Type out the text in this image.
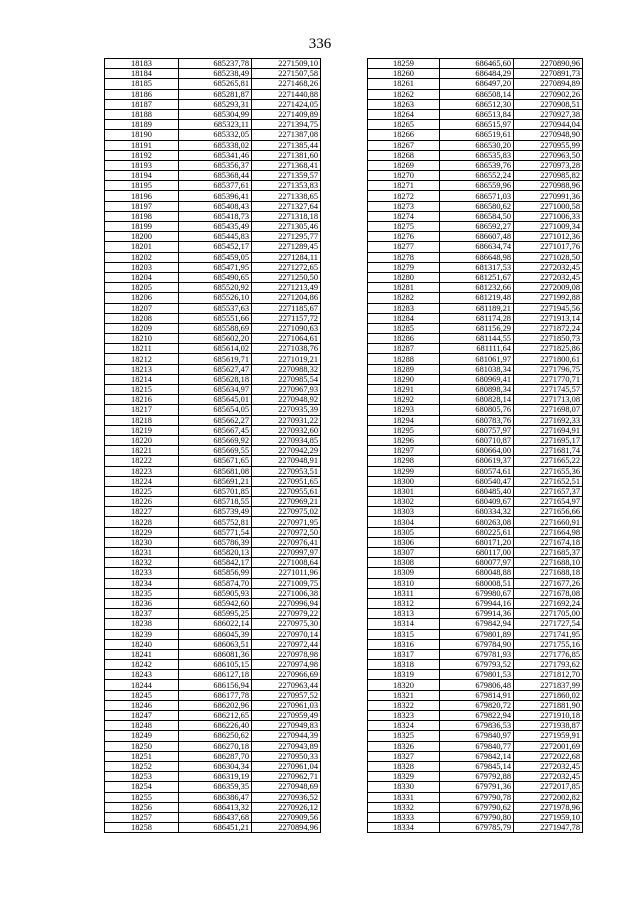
336
18183	685237,78	2271509,10
18184	685238,49	2271507,58
18185	685265,81	2271468,26
18186	685281,87	2271440,88
18187	685293,31	2271424,05
18188	685304,99	2271409,89
18189	685323,11	2271394,75
18190	685332,05	2271387,08
18191	685338,02	2271385,44
18192	685341,46	2271381,60
18193	685356,37	2271368,41
18194	685368,44	2271359,57
18195	685377,61	2271353,83
18196	685396,41	2271338,65
18197	685408,43	2271327,64
18198	685418,73	2271318,18
18199	685435,49	2271305,46
18200	685445,83	2271295,77
18201	685452,17	2271289,45
18202	685459,05	2271284,11
18203	685471,95	2271272,65
18204	685490,65	2271250,50
18205	685520,92	2271213,49
18206	685526,10	2271204,86
18207	685537,63	2271185,67
18208	685551,66	2271157,72
18209	685588,69	2271090,63
18210	685602,20	2271064,61
18211	685614,02	2271038,76
18212	685619,71	2271019,21
18213	685627,47	2270988,32
18214	685628,18	2270985,54
18215	685634,97	2270967,93
18216	685645,01	2270948,92
18217	685654,05	2270935,39
18218	685662,27	2270931,22
18219	685667,45	2270932,60
18220	685669,92	2270934,85
18221	685669,55	2270942,29
18222	685671,65	2270948,91
18223	685681,08	2270953,51
18224	685691,21	2270951,65
18225	685701,85	2270955,61
18226	685718,55	2270969,21
18227	685739,49	2270975,02
18228	685752,81	2270971,95
18229	685771,54	2270972,50
18230	685786,39	2270976,41
18231	685820,13	2270997,97
18232	685842,17	2271008,64
18233	685856,99	2271011,96
18234	685874,70	2271009,75
18235	685905,93	2271006,38
18236	685942,60	2270996,94
18237	685995,25	2270979,22
18238	686022,14	2270975,30
18239	686045,39	2270970,14
18240	686063,51	2270972,44
18241	686081,36	2270978,98
18242	686105,15	2270974,98
18243	686127,18	2270966,69
18244	686156,94	2270963,44
18245	686177,78	2270957,52
18246	686202,96	2270961,03
18247	686212,65	2270959,49
18248	686226,40	2270949,83
18249	686250,62	2270944,39
18250	686270,18	2270943,89
18251	686287,70	2270950,33
18252	686304,34	2270961,04
18253	686319,19	2270962,71
18254	686359,35	2270948,69
18255	686386,47	2270936,52
18256	686413,32	2270926,12
18257	686437,68	2270909,56
18258	686451,21	2270894,96
18259	686465,60	2270890,96
18260	686484,29	2270891,73
18261	686497,20	2270894,89
18262	686508,14	2270902,26
18263	686512,30	2270908,51
18264	686513,84	2270927,38
18265	686515,97	2270944,04
18266	686519,61	2270948,90
18267	686530,20	2270955,99
18268	686535,83	2270963,50
18269	686539,76	2270973,28
18270	686552,24	2270985,82
18271	686559,96	2270988,96
18272	686571,03	2270991,36
18273	686580,62	2271000,58
18274	686584,50	2271006,33
18275	686592,27	2271009,34
18276	686607,48	2271012,36
18277	686634,74	2271017,76
18278	686648,98	2271028,50
18279	681317,53	2272032,45
18280	681251,67	2272032,45
18281	681232,66	2272009,08
18282	681219,48	2271992,88
18283	681189,21	2271945,56
18284	681174,28	2271913,14
18285	681156,29	2271872,24
18286	681144,55	2271850,73
18287	681111,64	2271825,86
18288	681061,97	2271800,61
18289	681038,34	2271796,75
18290	680969,41	2271770,71
18291	680898,34	2271745,57
18292	680828,14	2271713,08
18293	680805,76	2271698,07
18294	680783,76	2271692,33
18295	680757,97	2271694,91
18296	680710,87	2271695,17
18297	680664,00	2271681,74
18298	680619,37	2271665,22
18299	680574,61	2271655,36
18300	680540,47	2271652,51
18301	680485,40	2271657,37
18302	680409,67	2271654,97
18303	680334,32	2271656,66
18304	680263,08	2271660,91
18305	680225,61	2271664,98
18306	680171,20	2271674,18
18307	680117,00	2271685,37
18308	680077,97	2271688,10
18309	680048,88	2271688,18
18310	680008,51	2271677,26
18311	679980,67	2271678,08
18312	679944,16	2271692,24
18313	679914,36	2271705,00
18314	679842,94	2271727,54
18315	679801,89	2271741,95
18316	679784,90	2271755,16
18317	679781,93	2271776,85
18318	679793,52	2271793,62
18319	679801,53	2271812,70
18320	679806,48	2271837,99
18321	679814,91	2271860,02
18322	679820,72	2271881,90
18323	679822,94	2271910,18
18324	679836,53	2271938,87
18325	679840,97	2271959,91
18326	679840,77	2272001,69
18327	679842,14	2272022,68
18328	679845,14	2272032,45
18329	679792,88	2272032,45
18330	679791,36	2272017,85
18331	679790,78	2272002,82
18332	679790,62	2271978,96
18333	679790,80	2271959,10
18334	679785,79	2271947,78
